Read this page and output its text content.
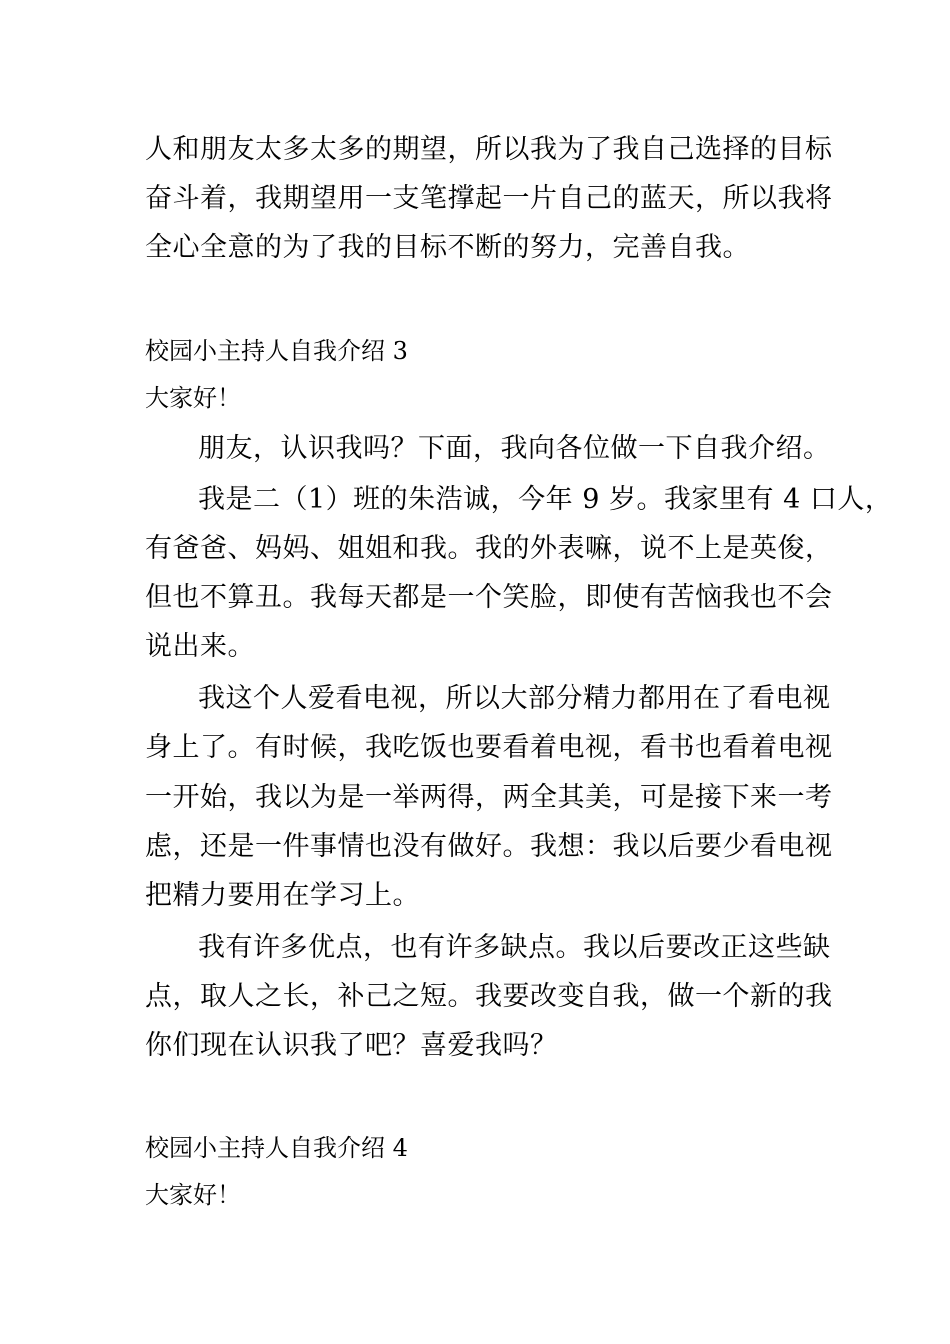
人和朋友太多太多的期望，所以我为了我自己选择的目标
奋斗着，我期望用一支笔撑起一片自己的蓝天，所以我将
全心全意的为了我的目标不断的努力，完善自我。
校园小主持人自我介绍 3
大家好！
朋友，认识我吗？下面，我向各位做一下自我介绍。
我是二（1）班的朱浩诚，今年 9 岁。我家里有 4 口人，
有爸爸、妈妈、姐姐和我。我的外表嘛，说不上是英俊，
但也不算丑。我每天都是一个笑脸，即使有苦恼我也不会
说出来。
我这个人爱看电视，所以大部分精力都用在了看电视
身上了。有时候，我吃饭也要看着电视，看书也看着电视
一开始，我以为是一举两得，两全其美，可是接下来一考
虑，还是一件事情也没有做好。我想：我以后要少看电视
把精力要用在学习上。
我有许多优点，也有许多缺点。我以后要改正这些缺
点，取人之长，补己之短。我要改变自我，做一个新的我
你们现在认识我了吧？喜爱我吗？
校园小主持人自我介绍 4
大家好！
